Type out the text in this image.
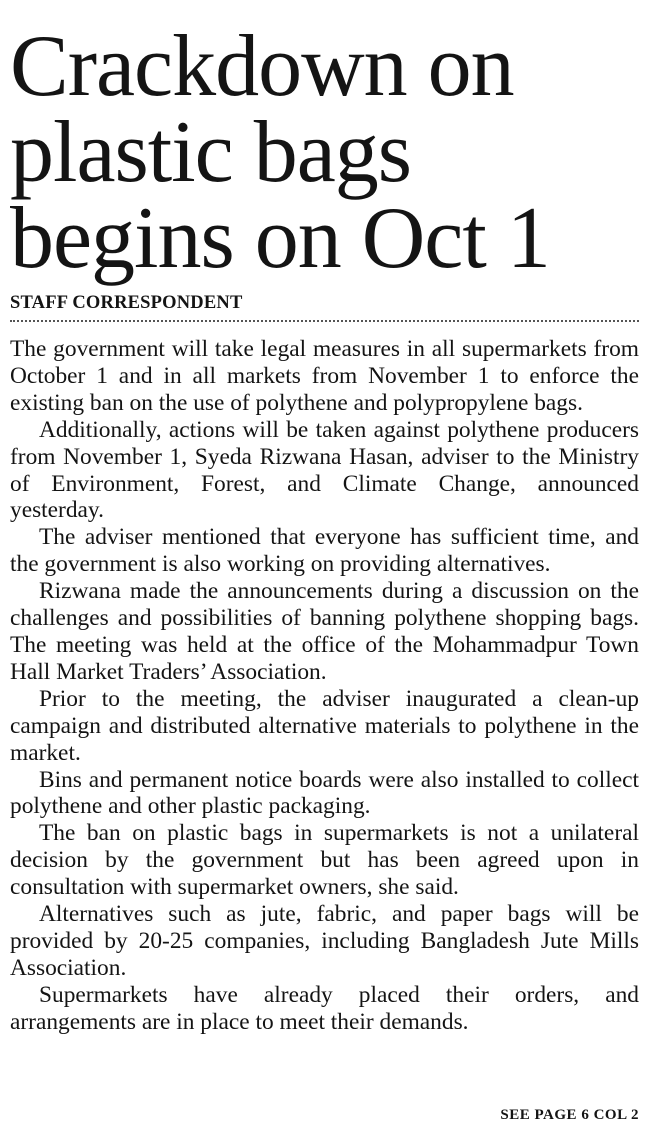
Crackdown on plastic bags begins on Oct 1
STAFF CORRESPONDENT

The government will take legal measures in all supermarkets from October 1 and in all markets from November 1 to enforce the existing ban on the use of polythene and polypropylene bags.

Additionally, actions will be taken against polythene producers from November 1, Syeda Rizwana Hasan, adviser to the Ministry of Environment, Forest, and Climate Change, announced yesterday.

The adviser mentioned that everyone has sufficient time, and the government is also working on providing alternatives.

Rizwana made the announcements during a discussion on the challenges and possibilities of banning polythene shopping bags. The meeting was held at the office of the Mohammadpur Town Hall Market Traders’ Association.

Prior to the meeting, the adviser inaugurated a clean-up campaign and distributed alternative materials to polythene in the market.

Bins and permanent notice boards were also installed to collect polythene and other plastic packaging.

The ban on plastic bags in supermarkets is not a unilateral decision by the government but has been agreed upon in consultation with supermarket owners, she said.

Alternatives such as jute, fabric, and paper bags will be provided by 20-25 companies, including Bangladesh Jute Mills Association.

Supermarkets have already placed their orders, and arrangements are in place to meet their demands.

SEE PAGE 6 COL 2
